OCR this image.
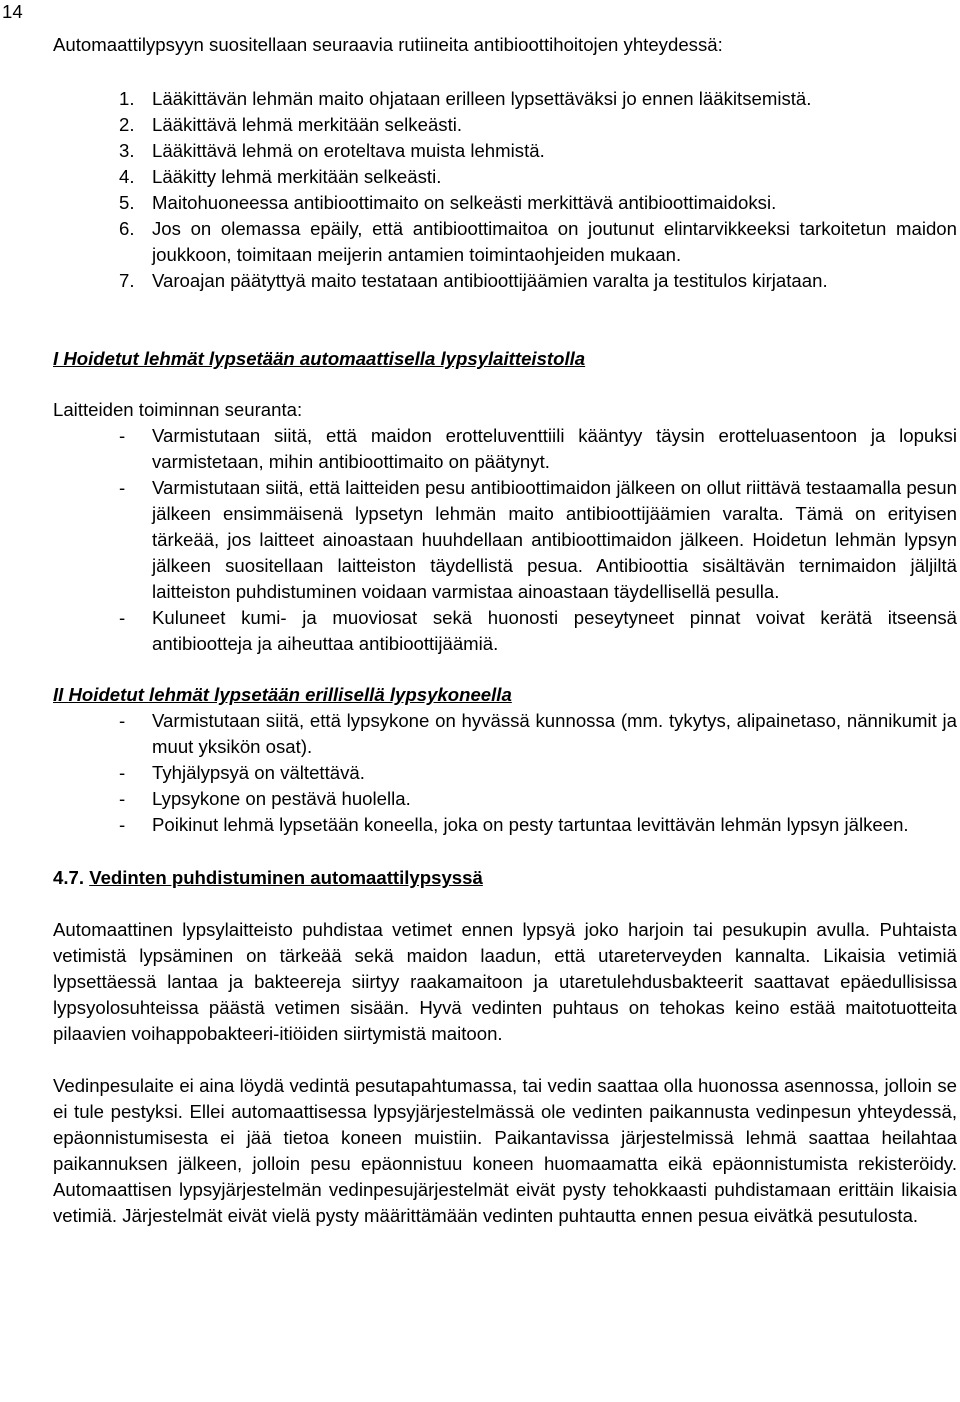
14

Automaattilypsyyn suositellaan seuraavia rutiineita antibioottihoitojen yhteydessä:

1. Lääkittävän lehmän maito ohjataan erilleen lypsettäväksi jo ennen lääkitsemistä.
2. Lääkittävä lehmä merkitään selkeästi.
3. Lääkittävä lehmä on eroteltava muista lehmistä.
4. Lääkitty lehmä merkitään selkeästi.
5. Maitohuoneessa antibioottimaito on selkeästi merkittävä antibioottimaidoksi.
6. Jos on olemassa epäily, että antibioottimaitoa on joutunut elintarvikkeeksi tarkoitetun maidon joukkoon, toimitaan meijerin antamien toimintaohjeiden mukaan.
7. Varoajan päätyttyä maito testataan antibioottijäämien varalta ja testitulos kirjataan.

I Hoidetut lehmät lypsetään automaattisella lypsylaitteistolla

Laitteiden toiminnan seuranta:

- Varmistutaan siitä, että maidon erotteluventtiili kääntyy täysin erotteluasentoon ja lopuksi varmistetaan, mihin antibioottimaito on päätynyt.
- Varmistutaan siitä, että laitteiden pesu antibioottimaidon jälkeen on ollut riittävä testaamalla pesun jälkeen ensimmäisenä lypsetyn lehmän maito antibioottijäämien varalta. Tämä on erityisen tärkeää, jos laitteet ainoastaan huuhdellaan antibioottimaidon jälkeen. Hoidetun lehmän lypsyn jälkeen suositellaan laitteiston täydellistä pesua. Antibioottia sisältävän ternimaidon jäljiltä laitteiston puhdistuminen voidaan varmistaa ainoastaan täydellisellä pesulla.
- Kuluneet kumi- ja muoviosat sekä huonosti peseytyneet pinnat voivat kerätä itseensä antibiootteja ja aiheuttaa antibioottijäämiä.

II Hoidetut lehmät lypsetään erillisellä lypsykoneella

- Varmistutaan siitä, että lypsykone on hyvässä kunnossa (mm. tykytys, alipainetaso, nännikumit ja muut yksikön osat).
- Tyhjälypsyä on vältettävä.
- Lypsykone on pestävä huolella.
- Poikinut lehmä lypsetään koneella, joka on pesty tartuntaa levittävän lehmän lypsyn jälkeen.

4.7. Vedinten puhdistuminen automaattilypsyssä

Automaattinen lypsylaitteisto puhdistaa vetimet ennen lypsyä joko harjoin tai pesukupin avulla. Puhtaista vetimistä lypsäminen on tärkeää sekä maidon laadun, että utareterveyden kannalta. Likaisia vetimiä lypsettäessä lantaa ja bakteereja siirtyy raakamaitoon ja utaretulehdusbakteerit saattavat epäedullisissa lypsyolosuhteissa päästä vetimen sisään. Hyvä vedinten puhtaus on tehokas keino estää maitotuotteita pilaavien voihappobakteeri-itiöiden siirtymistä maitoon.

Vedinpesulaite ei aina löydä vedintä pesutapahtumassa, tai vedin saattaa olla huonossa asennossa, jolloin se ei tule pestyksi. Ellei automaattisessa lypsyjärjestelmässä ole vedinten paikannusta vedinpesun yhteydessä, epäonnistumisesta ei jää tietoa koneen muistiin. Paikantavissa järjestelmissä lehmä saattaa heilahtaa paikannuksen jälkeen, jolloin pesu epäonnistuu koneen huomaamatta eikä epäonnistumista rekisteröidy. Automaattisen lypsyjärjestelmän vedinpesujärjestelmät eivät pysty tehokkaasti puhdistamaan erittäin likaisia vetimiä. Järjestelmät eivät vielä pysty määrittämään vedinten puhtautta ennen pesua eivätkä pesutulosta.
